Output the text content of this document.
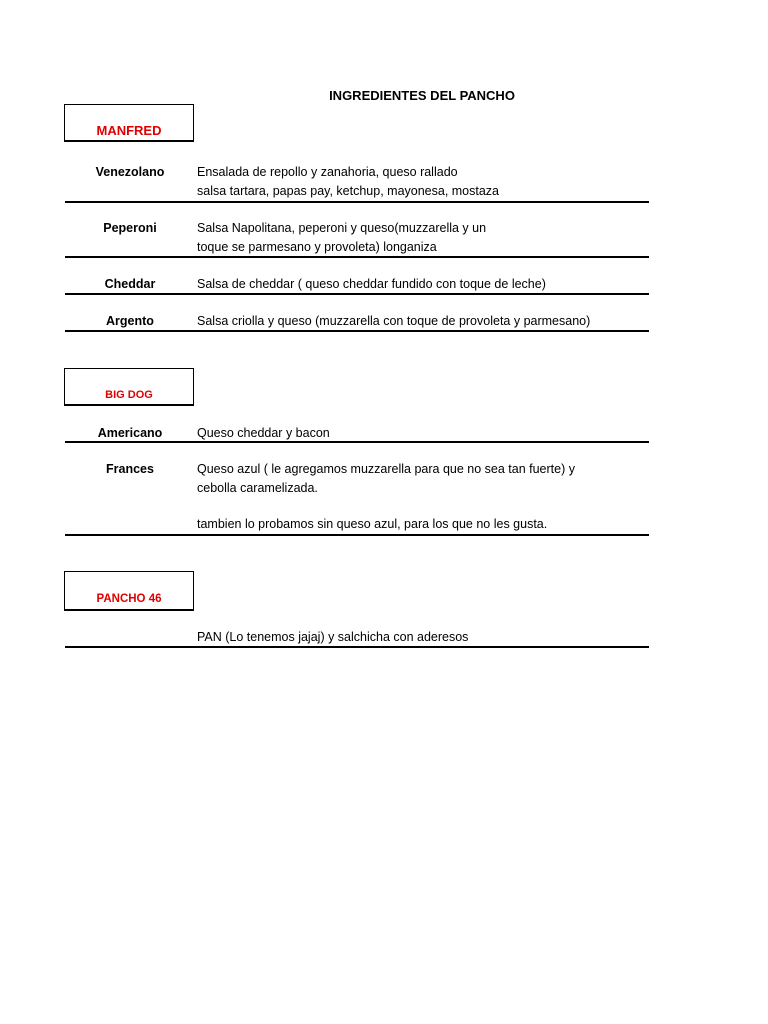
INGREDIENTES DEL PANCHO
MANFRED
Venezolano	Ensalada de repollo y zanahoria, queso rallado
salsa tartara, papas pay, ketchup, mayonesa, mostaza
Peperoni	Salsa Napolitana, peperoni y queso(muzzarella y un
toque se parmesano y provoleta) longaniza
Cheddar	Salsa de cheddar ( queso cheddar fundido con toque de leche)
Argento	Salsa criolla y queso (muzzarella con toque de provoleta y parmesano)
BIG DOG
Americano	Queso cheddar y bacon
Frances	Queso azul ( le agregamos muzzarella para que no sea tan fuerte) y
cebolla caramelizada.
tambien lo probamos sin queso azul, para los que no les gusta.
PANCHO 46
PAN (Lo tenemos jajaj) y salchicha con aderesos
